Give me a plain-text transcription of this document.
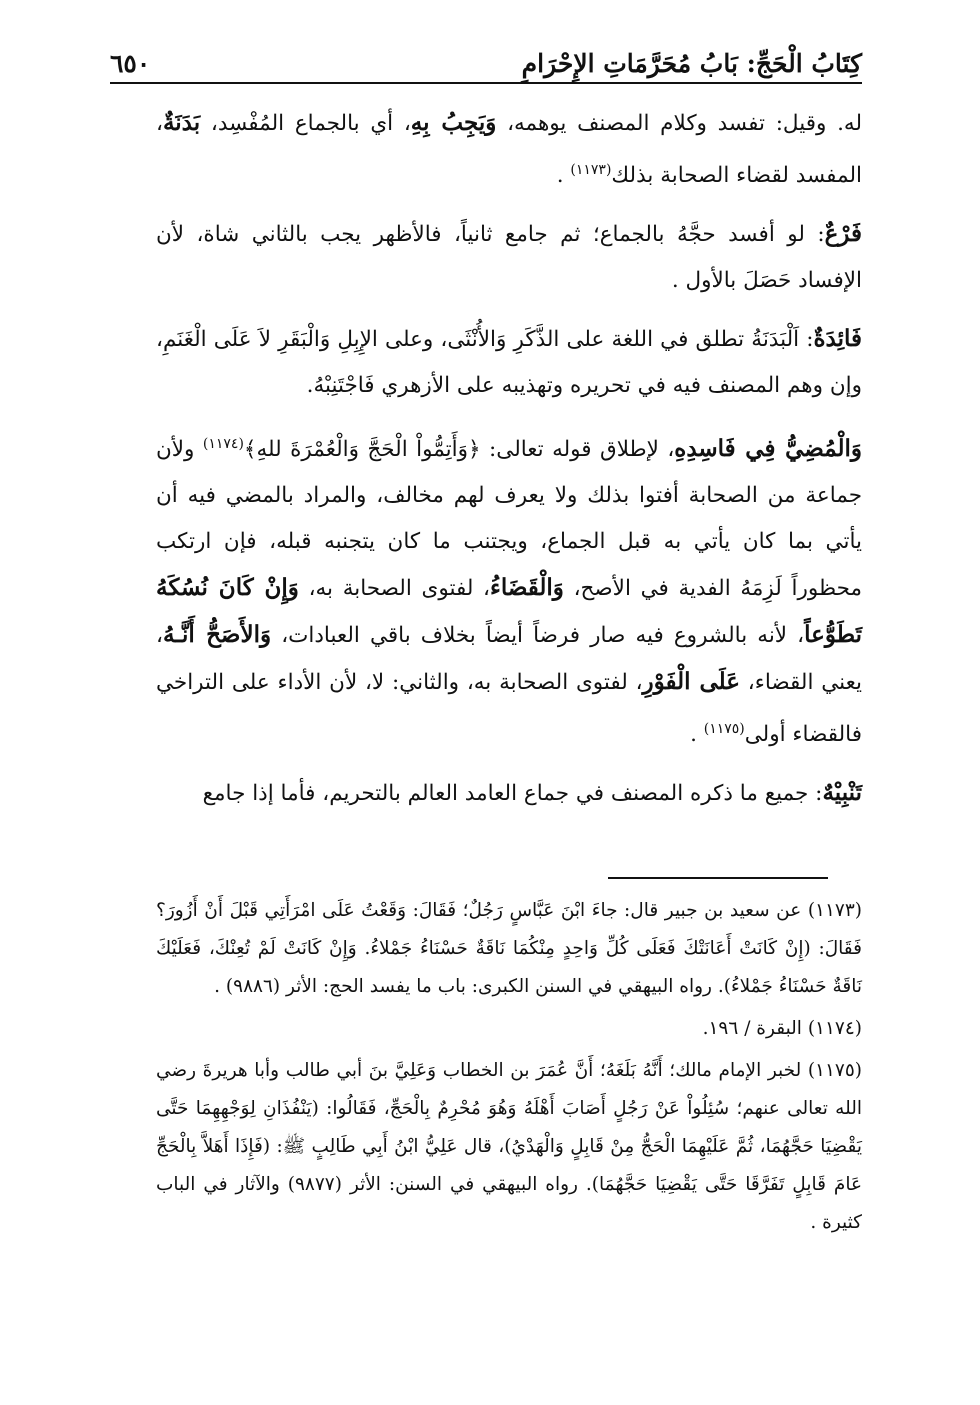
كِتَابُ الْحَجِّ: بَابُ مُحَرَّمَاتِ الإِحْرَامِ
٦٥٠

له. وقيل: تفسد وكلام المصنف يوهمه، وَيَجِبُ بِهِ، أي بالجماع المُفْسِد، بَدَنَةٌ، المفسد لقضاء الصحابة بذلك$^{(١١٧٣)}$ .

فَرْعٌ: لو أفسد حجَّهُ بالجماع؛ ثم جامع ثانياً، فالأظهر يجب بالثاني شاة، لأن الإفساد حَصَلَ بالأول .

فَائِدَةٌ: اَلْبَدَنَةُ تطلق في اللغة على الذَّكَرِ وَالأُنْثَى، وعلى الإِبِلِ وَالْبَقَرِ لاَ عَلَى الْغَنَمِ، وإن وهم المصنف فيه في تحريره وتهذيبه على الأزهري فَاجْتَنِبْهُ.

وَالْمُضِيُّ فِي فَاسِدِهِ، لإطلاق قوله تعالى: ﴿وَأَتِمُّواْ الْحَجَّ وَالْعُمْرَةَ للهِ﴾$^{(١١٧٤)}$ ولأن جماعة من الصحابة أفتوا بذلك ولا يعرف لهم مخالف، والمراد بالمضي فيه أن يأتي بما كان يأتي به قبل الجماع، ويجتنب ما كان يتجنبه قبله، فإن ارتكب محظوراً لَزِمَهُ الفدية في الأصح، وَالْقَضَاءُ، لفتوى الصحابة به، وَإِنْ كَانَ نُسُكَهُ تَطَوُّعاً، لأنه بالشروع فيه صار فرضاً أيضاً بخلاف باقي العبادات، وَالأَصَحُّ أَنَّـهُ، يعني القضاء، عَلَى الْفَوْرِ، لفتوى الصحابة به، والثاني: لا، لأن الأداء على التراخي فالقضاء أولى$^{(١١٧٥)}$ .

تَنْبِيْهٌ: جميع ما ذكره المصنف في جماع العامد العالم بالتحريم، فأما إذا جامع

(١١٧٣) عن سعيد بن جبير قال: جاءَ ابْنَ عَبَّاسٍ رَجُلٌ؛ فَقَالَ: وَقَعْتُ عَلَى امْرَأَتِي قَبْلَ أَنْ أَزُورَ؟ فَقَالَ: (إِنْ كَانَتْ أَعَانَتْكَ فَعَلَى كُلِّ وَاحِدٍ مِنْكُمَا نَاقَةٌ حَسْنَاءُ جَمْلاءُ. وَإِنْ كَانَتْ لَمْ تُعِنْكَ، فَعَلَيْكَ نَاقَةٌ حَسْنَاءُ جَمْلاءُ). رواه البيهقي في السنن الكبرى: باب ما يفسد الحج: الأثر (٩٨٨٦) .

(١١٧٤) البقرة / ١٩٦.

(١١٧٥) لخبر الإمام مالك؛ أَنَّهُ بَلَغَهُ؛ أَنَّ عُمَرَ بن الخطاب وَعَلِيَّ بنَ أبي طالب وأبا هريرةَ رضي الله تعالى عنهم؛ سُئِلُواْ عَنْ رَجُلٍ أَصَابَ أَهْلَهُ وَهُوَ مُحْرِمٌ بِالْحَجِّ، فَقَالُوا: (يَنْفُذَانِ لِوَجْهِهِمَا حَتَّى يَقْضِيَا حَجَّهُمَا، ثُمَّ عَلَيْهِمَا الْحَجُّ مِنْ قَابِلٍ وَالْهَدْيُ)، قال عَلِيُّ ابْنُ أَبِي طَالِبٍ ﷺ: (فَإِذَا أَهَلاَّ بِالْحَجِّ عَامَ قَابِلٍ تَفَرَّقَا حَتَّى يَقْضِيَا حَجَّهُمَا). رواه البيهقي في السنن: الأثر (٩٨٧٧) والآثار في الباب كثيرة .
